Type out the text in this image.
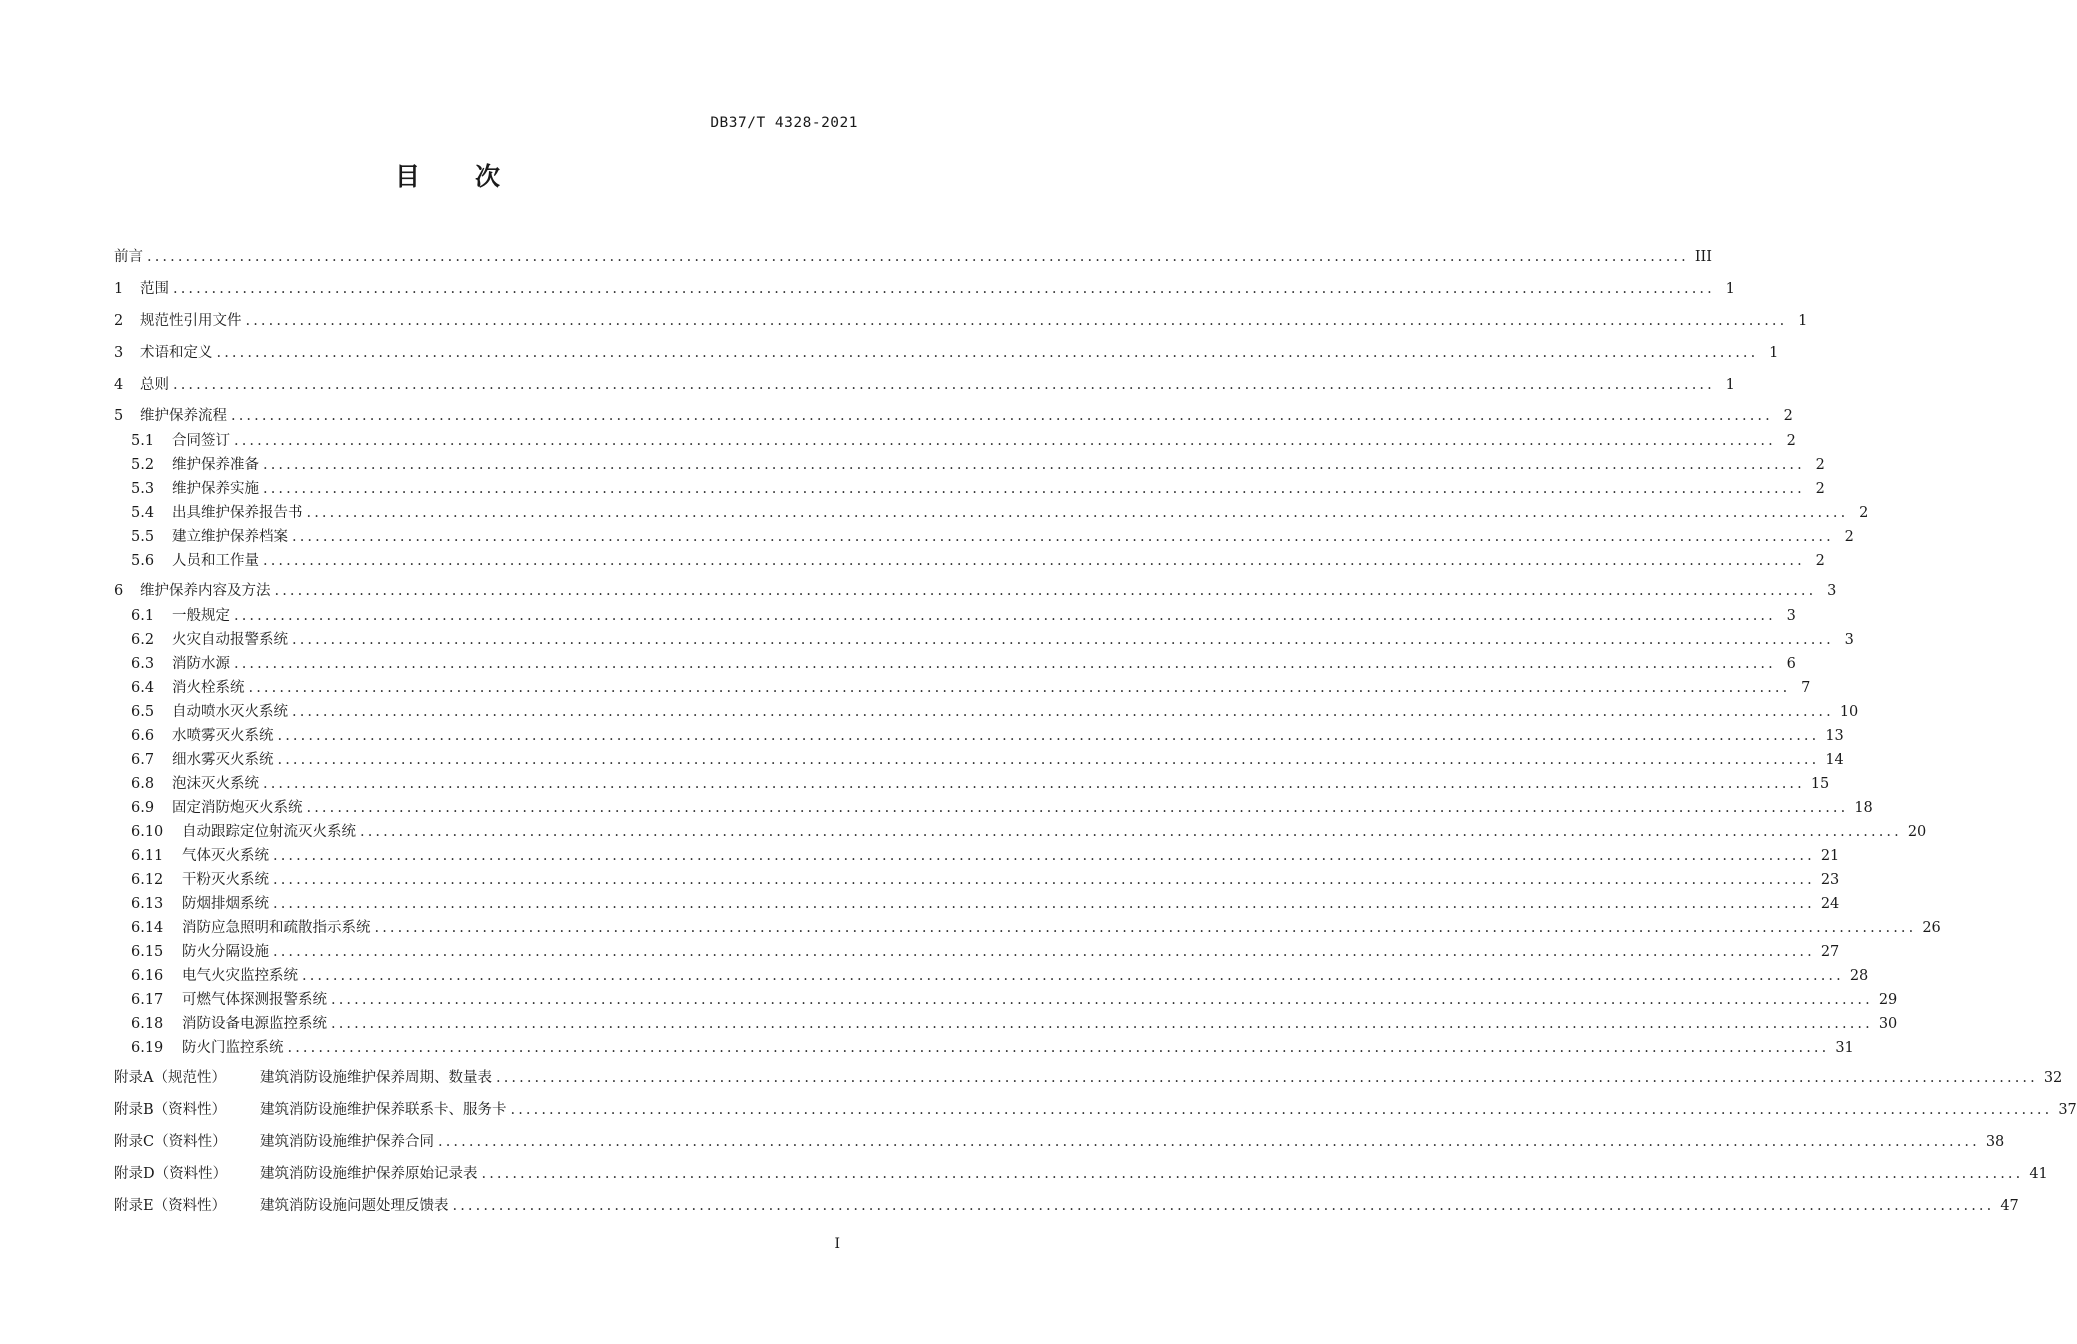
DB37/T 4328-2021
目次
前言 ........................................................................................................................................................................................................ III
1 范围 ........................................................................................................................................................................................................ 1
2 规范性引用文件 ........................................................................................................................................................................................................ 1
3 术语和定义 ........................................................................................................................................................................................................ 1
4 总则 ........................................................................................................................................................................................................ 1
5 维护保养流程 ........................................................................................................................................................................................................ 2
5.1 合同签订 ........................................................................................................................................................................................................ 2
5.2 维护保养准备 ........................................................................................................................................................................................................ 2
5.3 维护保养实施 ........................................................................................................................................................................................................ 2
5.4 出具维护保养报告书 ........................................................................................................................................................................................................ 2
5.5 建立维护保养档案 ........................................................................................................................................................................................................ 2
5.6 人员和工作量 ........................................................................................................................................................................................................ 2
6 维护保养内容及方法 ........................................................................................................................................................................................................ 3
6.1 一般规定 ........................................................................................................................................................................................................ 3
6.2 火灾自动报警系统 ........................................................................................................................................................................................................ 3
6.3 消防水源 ........................................................................................................................................................................................................ 6
6.4 消火栓系统 ........................................................................................................................................................................................................ 7
6.5 自动喷水灭火系统 ........................................................................................................................................................................................................ 10
6.6 水喷雾灭火系统 ........................................................................................................................................................................................................ 13
6.7 细水雾灭火系统 ........................................................................................................................................................................................................ 14
6.8 泡沫灭火系统 ........................................................................................................................................................................................................ 15
6.9 固定消防炮灭火系统 ........................................................................................................................................................................................................ 18
6.10 自动跟踪定位射流灭火系统 ........................................................................................................................................................................................................ 20
6.11 气体灭火系统 ........................................................................................................................................................................................................ 21
6.12 干粉灭火系统 ........................................................................................................................................................................................................ 23
6.13 防烟排烟系统 ........................................................................................................................................................................................................ 24
6.14 消防应急照明和疏散指示系统 ........................................................................................................................................................................................................ 26
6.15 防火分隔设施 ........................................................................................................................................................................................................ 27
6.16 电气火灾监控系统 ........................................................................................................................................................................................................ 28
6.17 可燃气体探测报警系统 ........................................................................................................................................................................................................ 29
6.18 消防设备电源监控系统 ........................................................................................................................................................................................................ 30
6.19 防火门监控系统 ........................................................................................................................................................................................................ 31
附录A（规范性） 建筑消防设施维护保养周期、数量表 ........................................................................................................................................................................................................ 32
附录B（资料性） 建筑消防设施维护保养联系卡、服务卡 ........................................................................................................................................................................................................ 37
附录C（资料性） 建筑消防设施维护保养合同 ........................................................................................................................................................................................................ 38
附录D（资料性） 建筑消防设施维护保养原始记录表 ........................................................................................................................................................................................................ 41
附录E（资料性） 建筑消防设施问题处理反馈表 ........................................................................................................................................................................................................ 47
I
